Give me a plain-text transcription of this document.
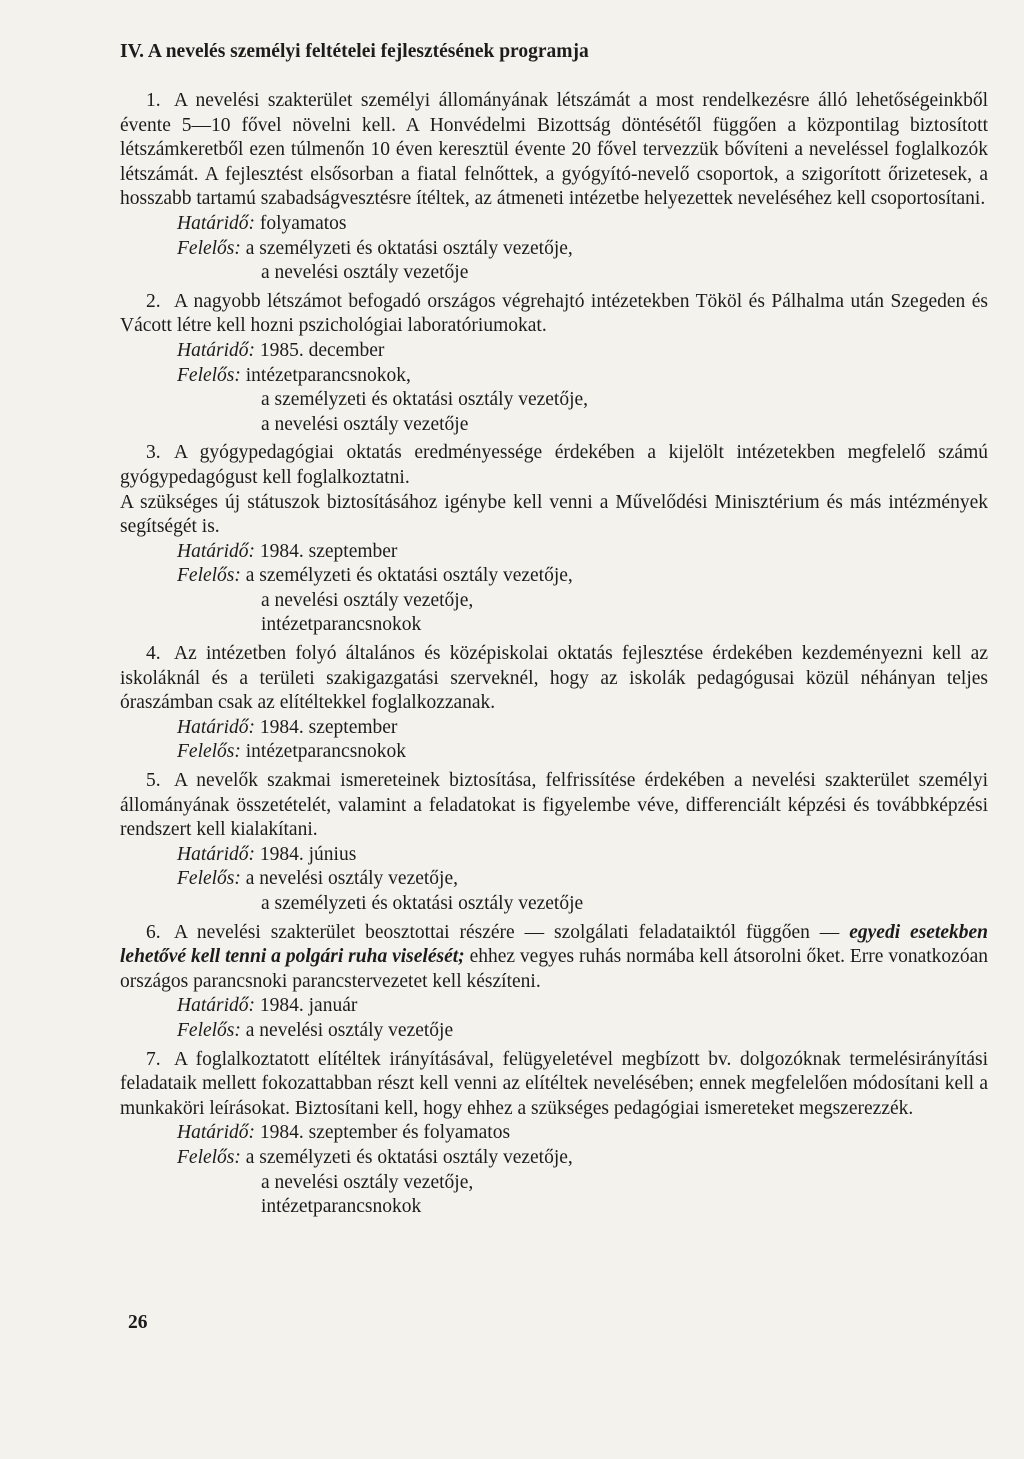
IV. A nevelés személyi feltételei fejlesztésének programja

1. A nevelési szakterület személyi állományának létszámát a most rendelkezésre álló lehetőségeinkből évente 5—10 fővel növelni kell. A Honvédelmi Bizottság döntésétől függően a központilag biztosított létszámkeretből ezen túlmenőn 10 éven keresztül évente 20 fővel tervezzük bővíteni a neveléssel foglalkozók létszámát. A fejlesztést elsősorban a fiatal felnőttek, a gyógyító-nevelő csoportok, a szigorított őrizetesek, a hosszabb tartamú szabadságvesztésre ítéltek, az átmeneti intézetbe helyezettek neveléséhez kell csoportosítani.

Határidő: folyamatos
Felelős: a személyzeti és oktatási osztály vezetője,
a nevelési osztály vezetője

2. A nagyobb létszámot befogadó országos végrehajtó intézetekben Tököl és Pálhalma után Szegeden és Vácott létre kell hozni pszichológiai laboratóriumokat.

Határidő: 1985. december
Felelős: intézetparancsnokok,
a személyzeti és oktatási osztály vezetője,
a nevelési osztály vezetője

3. A gyógypedagógiai oktatás eredményessége érdekében a kijelölt intézetekben megfelelő számú gyógypedagógust kell foglalkoztatni.

A szükséges új státuszok biztosításához igénybe kell venni a Művelődési Minisztérium és más intézmények segítségét is.

Határidő: 1984. szeptember
Felelős: a személyzeti és oktatási osztály vezetője,
a nevelési osztály vezetője,
intézetparancsnokok

4. Az intézetben folyó általános és középiskolai oktatás fejlesztése érdekében kezdeményezni kell az iskoláknál és a területi szakigazgatási szerveknél, hogy az iskolák pedagógusai közül néhányan teljes óraszámban csak az elítéltekkel foglalkozzanak.

Határidő: 1984. szeptember
Felelős: intézetparancsnokok

5. A nevelők szakmai ismereteinek biztosítása, felfrissítése érdekében a nevelési szakterület személyi állományának összetételét, valamint a feladatokat is figyelembe véve, differenciált képzési és továbbképzési rendszert kell kialakítani.

Határidő: 1984. június
Felelős: a nevelési osztály vezetője,
a személyzeti és oktatási osztály vezetője

6. A nevelési szakterület beosztottai részére — szolgálati feladataiktól függően — egyedi esetekben lehetővé kell tenni a polgári ruha viselését; ehhez vegyes ruhás normába kell átsorolni őket. Erre vonatkozóan országos parancsnoki parancstervezetet kell készíteni.

Határidő: 1984. január
Felelős: a nevelési osztály vezetője

7. A foglalkoztatott elítéltek irányításával, felügyeletével megbízott bv. dolgozóknak termelésirányítási feladataik mellett fokozattabban részt kell venni az elítéltek nevelésében; ennek megfelelően módosítani kell a munkaköri leírásokat. Biztosítani kell, hogy ehhez a szükséges pedagógiai ismereteket megszerezzék.

Határidő: 1984. szeptember és folyamatos
Felelős: a személyzeti és oktatási osztály vezetője,
a nevelési osztály vezetője,
intézetparancsnokok
26
